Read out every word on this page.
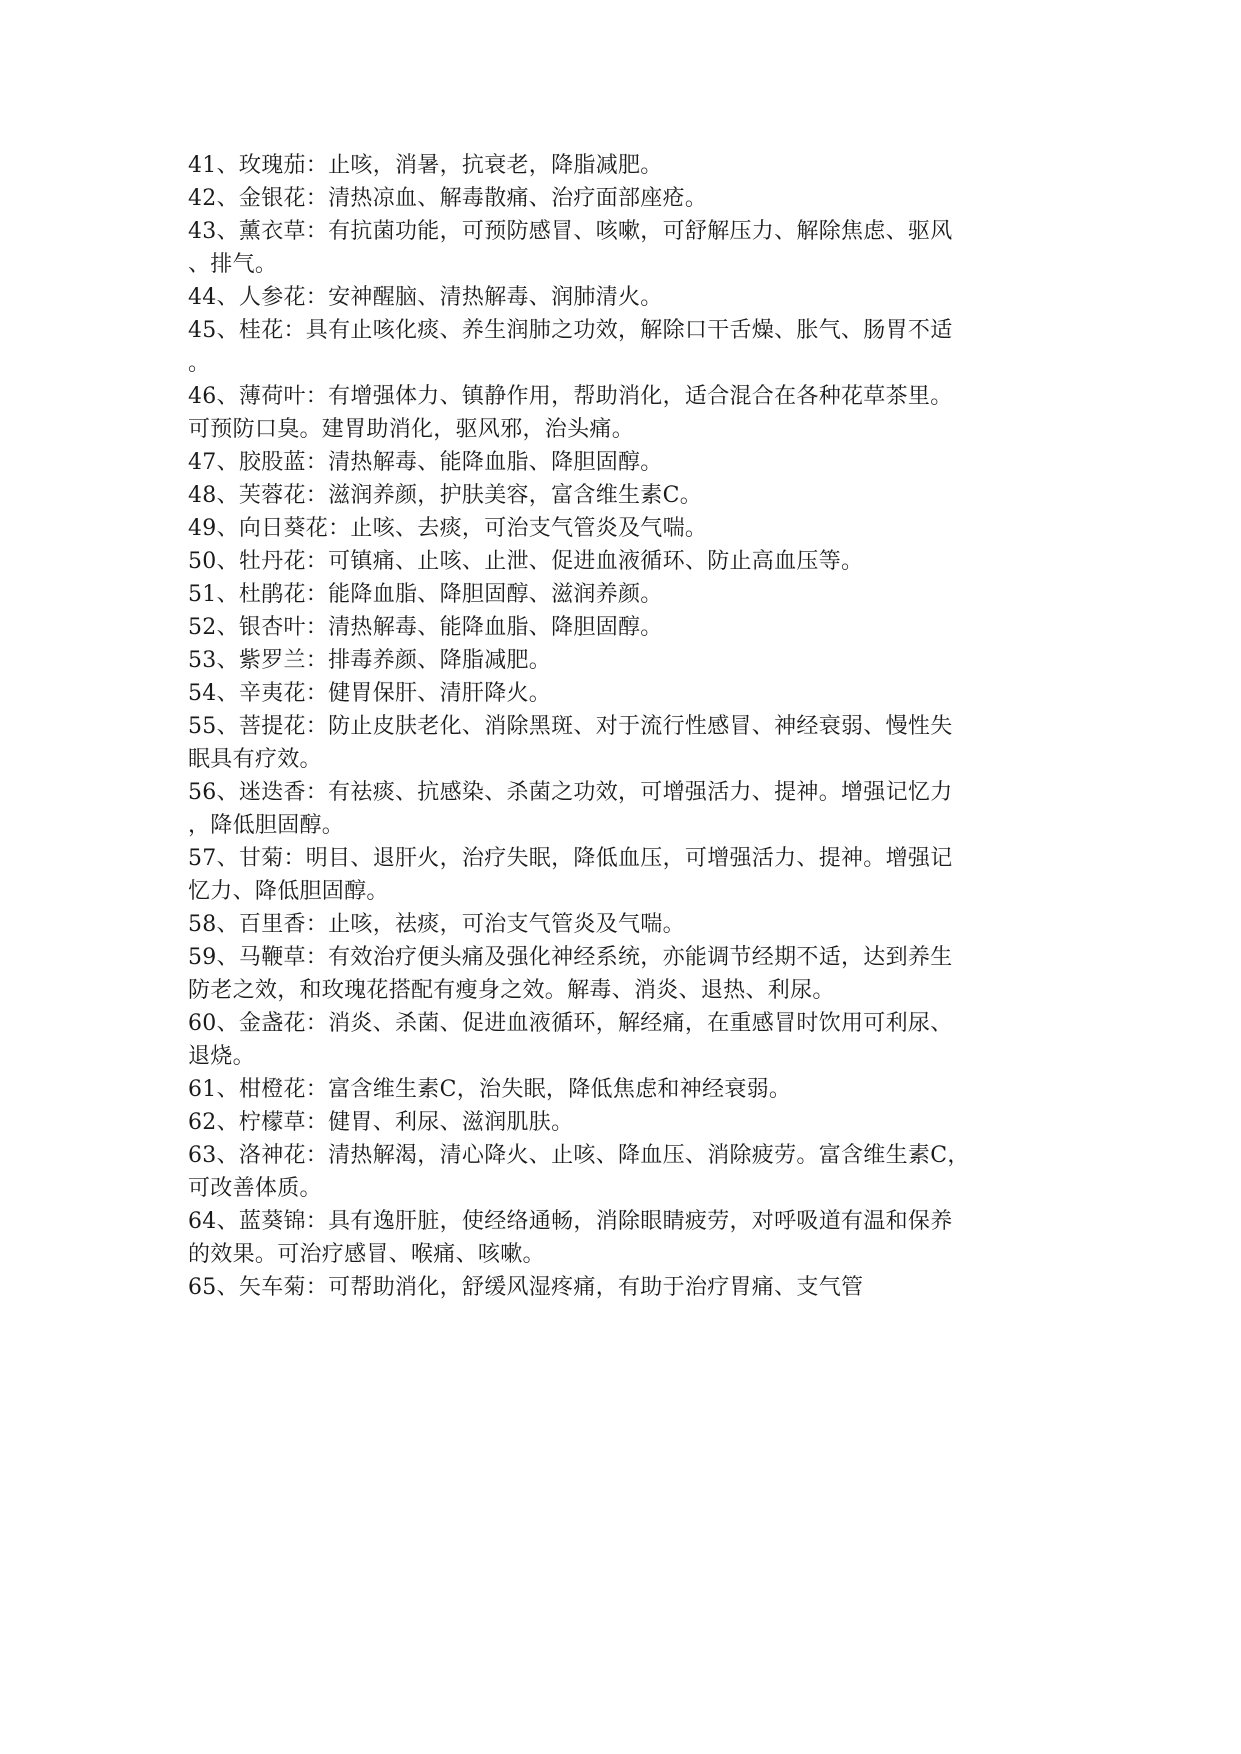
41、玫瑰茄：止咳，消暑，抗衰老，降脂减肥。
42、金银花：清热凉血、解毒散痛、治疗面部座疮。
43、薰衣草：有抗菌功能，可预防感冒、咳嗽，可舒解压力、解除焦虑、驱风
、排气。
44、人参花：安神醒脑、清热解毒、润肺清火。
45、桂花：具有止咳化痰、养生润肺之功效，解除口干舌燥、胀气、肠胃不适
。
46、薄荷叶：有增强体力、镇静作用，帮助消化，适合混合在各种花草茶里。
可预防口臭。建胃助消化，驱风邪，治头痛。
47、胶股蓝：清热解毒、能降血脂、降胆固醇。
48、芙蓉花：滋润养颜，护肤美容，富含维生素C。
49、向日葵花：止咳、去痰，可治支气管炎及气喘。
50、牡丹花：可镇痛、止咳、止泄、促进血液循环、防止高血压等。
51、杜鹃花：能降血脂、降胆固醇、滋润养颜。
52、银杏叶：清热解毒、能降血脂、降胆固醇。
53、紫罗兰：排毒养颜、降脂减肥。
54、辛夷花：健胃保肝、清肝降火。
55、菩提花：防止皮肤老化、消除黑斑、对于流行性感冒、神经衰弱、慢性失
眠具有疗效。
56、迷迭香：有祛痰、抗感染、杀菌之功效，可增强活力、提神。增强记忆力
，降低胆固醇。
57、甘菊：明目、退肝火，治疗失眠，降低血压，可增强活力、提神。增强记
忆力、降低胆固醇。
58、百里香：止咳，祛痰，可治支气管炎及气喘。
59、马鞭草：有效治疗便头痛及强化神经系统，亦能调节经期不适，达到养生
防老之效，和玫瑰花搭配有瘦身之效。解毒、消炎、退热、利尿。
60、金盏花：消炎、杀菌、促进血液循环，解经痛，在重感冒时饮用可利尿、
退烧。
61、柑橙花：富含维生素C，治失眠，降低焦虑和神经衰弱。
62、柠檬草：健胃、利尿、滋润肌肤。
63、洛神花：清热解渴，清心降火、止咳、降血压、消除疲劳。富含维生素C，
可改善体质。
64、蓝葵锦：具有逸肝脏，使经络通畅，消除眼睛疲劳，对呼吸道有温和保养
的效果。可治疗感冒、喉痛、咳嗽。
65、矢车菊：可帮助消化，舒缓风湿疼痛，有助于治疗胃痛、支气管
